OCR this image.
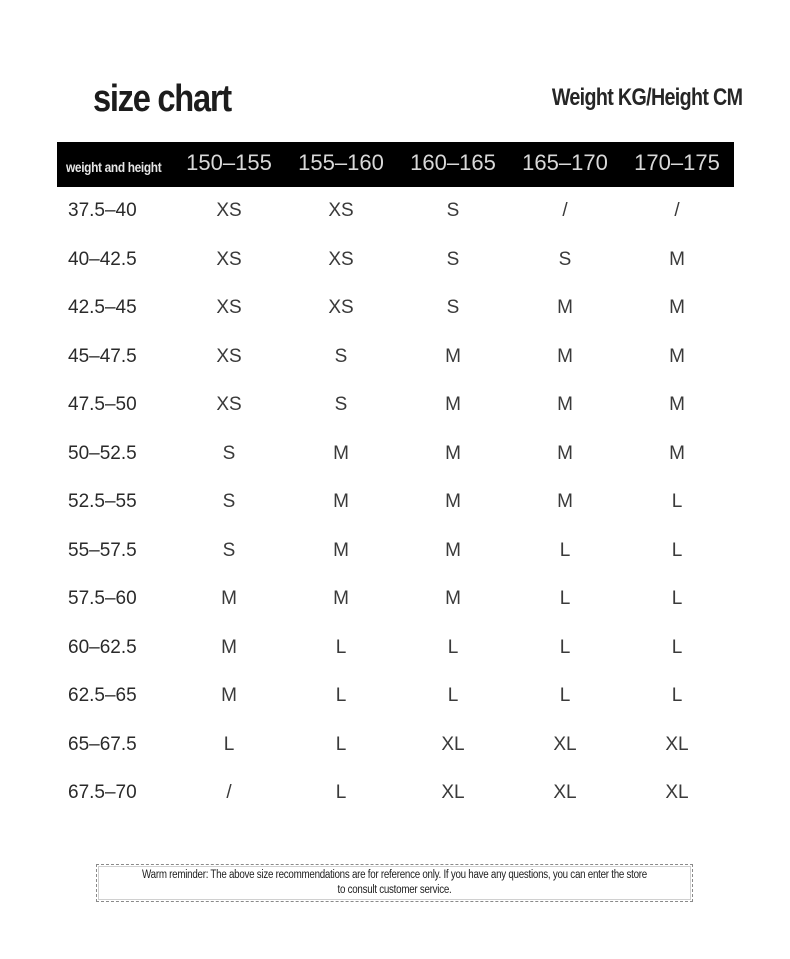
size chart	Weight KG/Height CM
weight and height	150–155	155–160	160–165	165–170	170–175
37.5–40	XS	XS	S	/	/
40–42.5	XS	XS	S	S	M
42.5–45	XS	XS	S	M	M
45–47.5	XS	S	M	M	M
47.5–50	XS	S	M	M	M
50–52.5	S	M	M	M	M
52.5–55	S	M	M	M	L
55–57.5	S	M	M	L	L
57.5–60	M	M	M	L	L
60–62.5	M	L	L	L	L
62.5–65	M	L	L	L	L
65–67.5	L	L	XL	XL	XL
67.5–70	/	L	XL	XL	XL
Warm reminder: The above size recommendations are for reference only. If you have any questions, you can enter the store to consult customer service.
